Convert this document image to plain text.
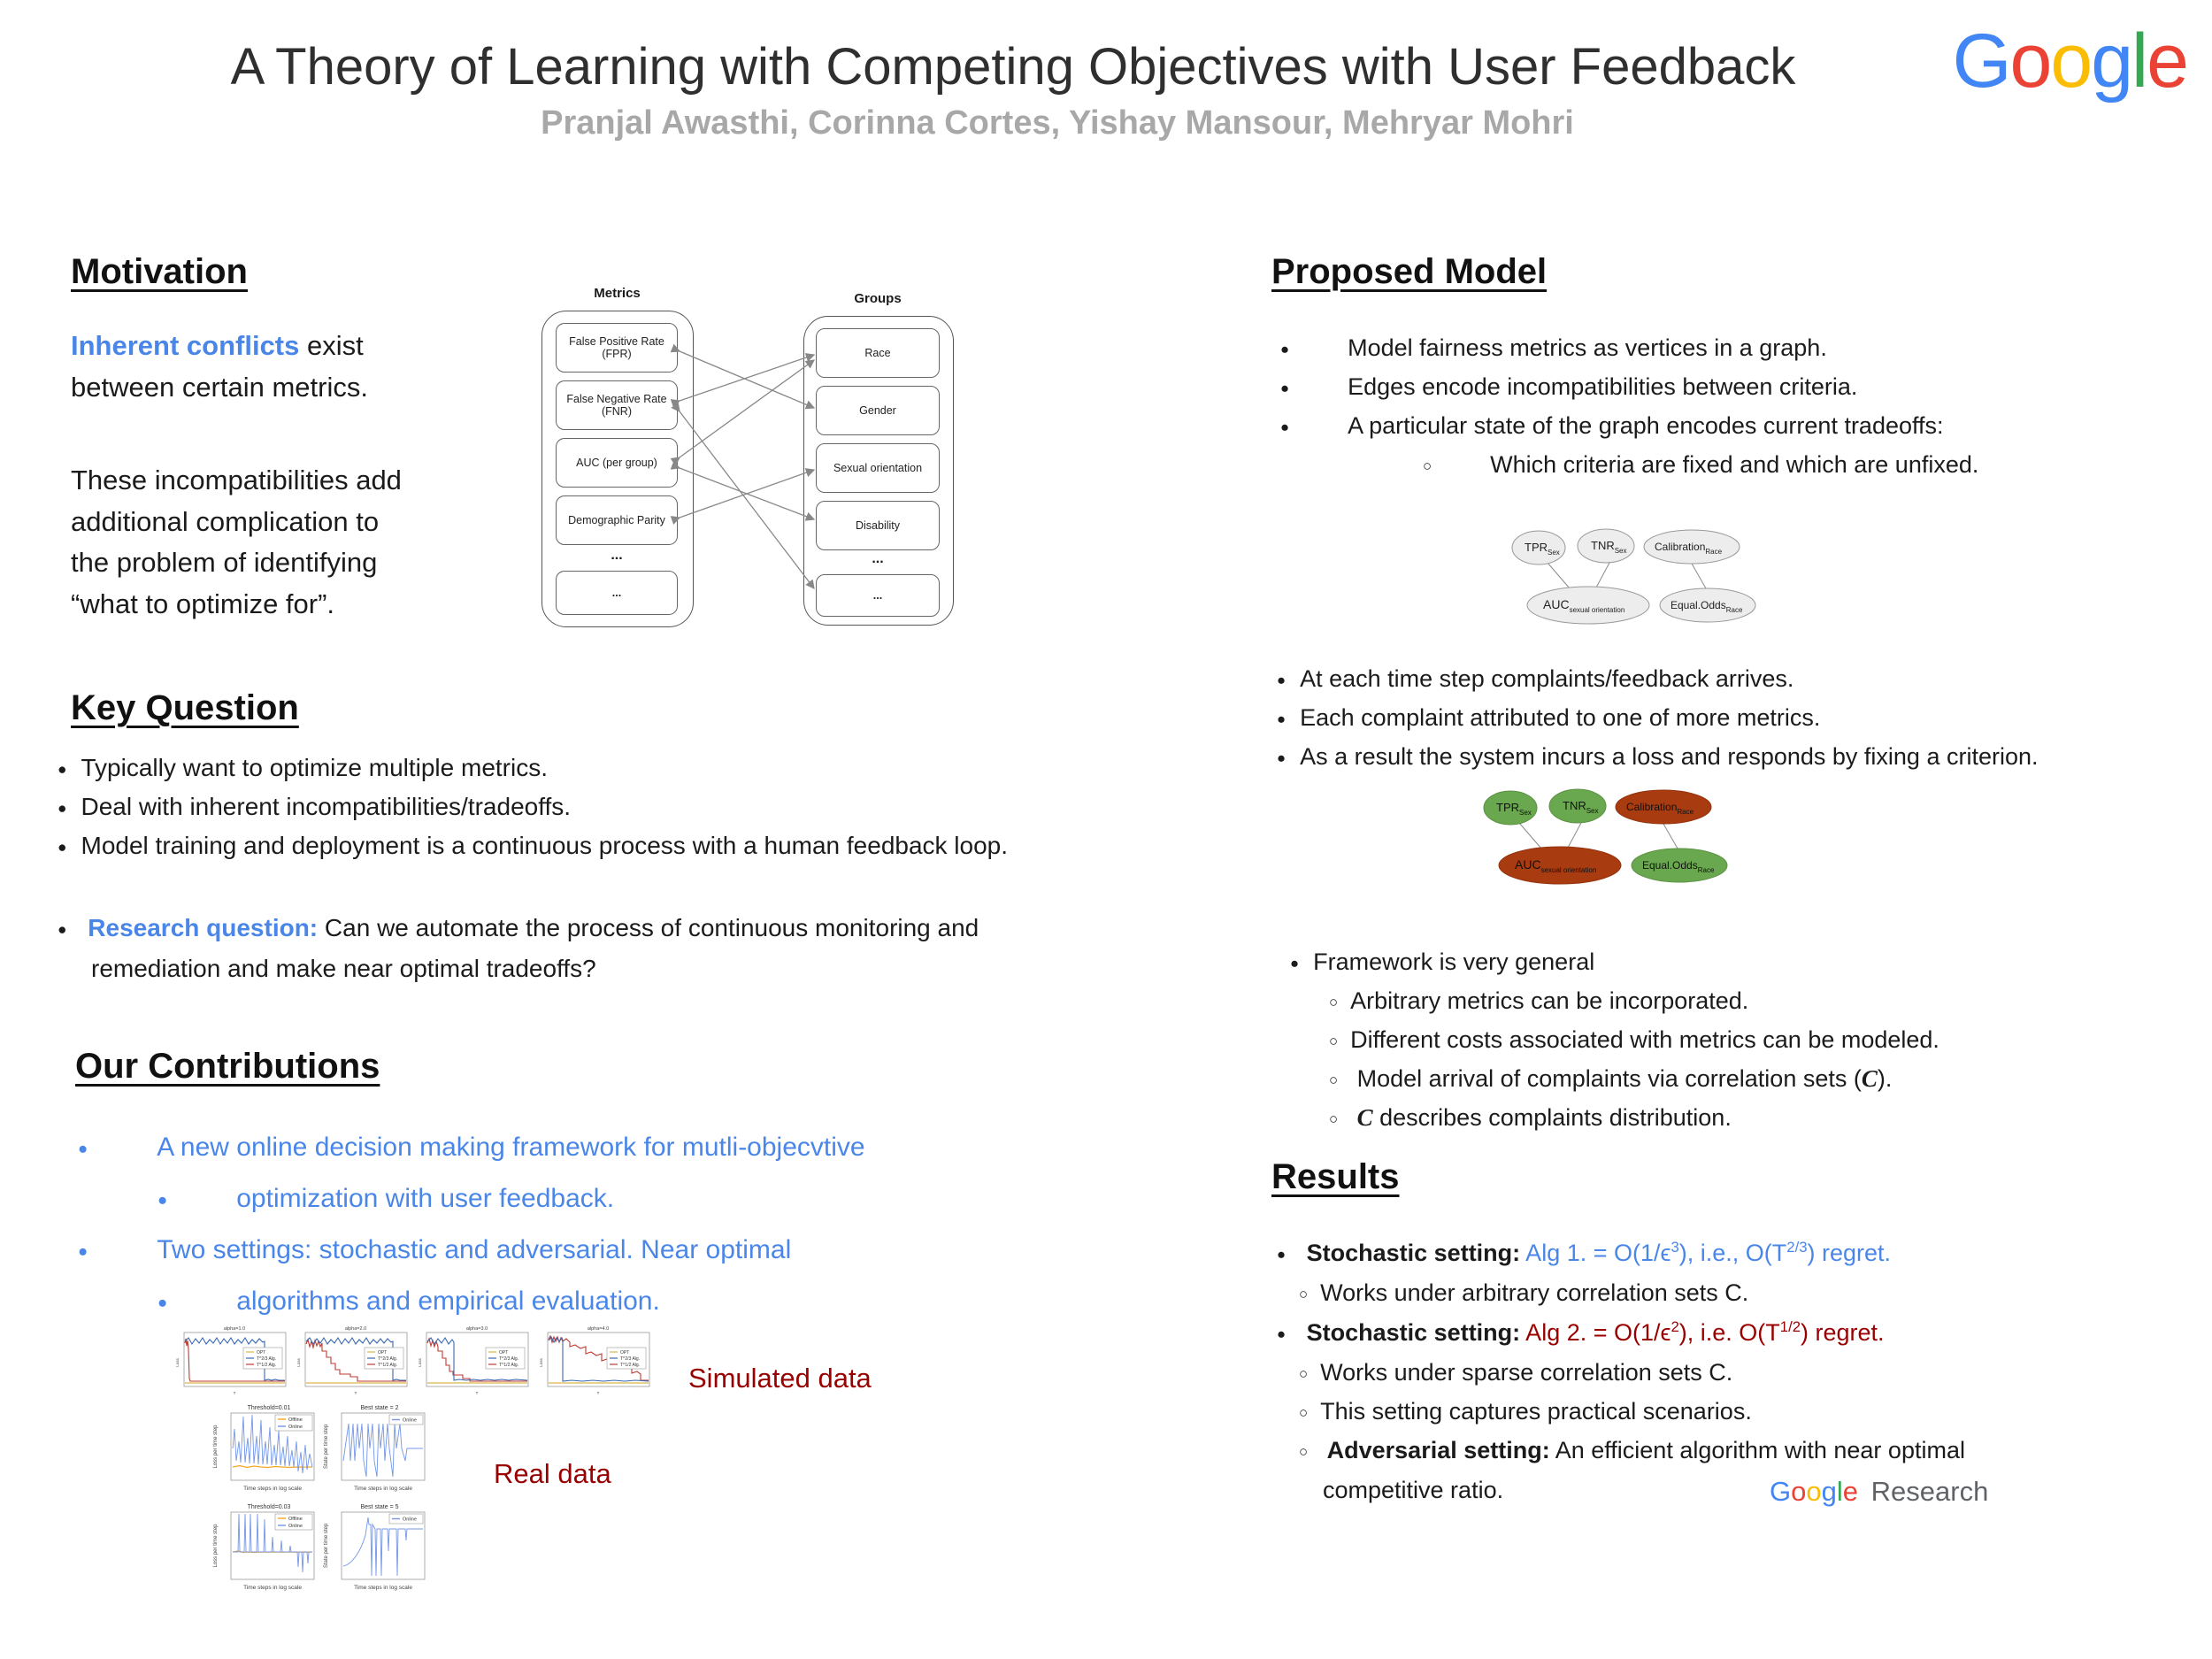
A Theory of Learning with Competing Objectives with User Feedback
Pranjal Awasthi, Corinna Cortes, Yishay Mansour, Mehryar Mohri
Google
Motivation
Inherent conflicts exist
between certain metrics.
These incompatibilities add
additional complication to
the problem of identifying
“what to optimize for”.
Metrics	Groups
False Positive Rate (FPR)
False Negative Rate (FNR)
AUC (per group)
Demographic Parity
...
...
Race
Gender
Sexual orientation
Disability
...
...
Key Question
● Typically want to optimize multiple metrics.
● Deal with inherent incompatibilities/tradeoffs.
● Model training and deployment is a continuous process with a human feedback loop.
● Research question: Can we automate the process of continuous monitoring and
remediation and make near optimal tradeoffs?
Our Contributions
● A new online decision making framework for mutli-objecvtive
● optimization with user feedback.
● Two settings: stochastic and adversarial. Near optimal
● algorithms and empirical evaluation.
alpha=1.0
Loss
T
OPT
T^2/3 Alg.
T^1/2 Alg.
alpha=2.0
Loss
T
OPT
T^2/3 Alg.
T^1/2 Alg.
alpha=3.0
Loss
T
OPT
T^2/3 Alg.
T^1/2 Alg.
alpha=4.0
Loss
T
OPT
T^2/3 Alg.
T^1/2 Alg. Simulated data
Threshold=0.01
Loss per time step
Time steps in log scale
Offline
Online
Best state = 2
State per time step
Time steps in log scale
Online
Threshold=0.03
Loss per time step
Time steps in log scale
Offline
Online
Best state = 5
State per time step
Time steps in log scale
Online
Real data
Proposed Model
● Model fairness metrics as vertices in a graph.
● Edges encode incompatibilities between criteria.
● A particular state of the graph encodes current tradeoffs:
○ Which criteria are fixed and which are unfixed.
$TPR_{Sex}$
$TNR_{Sex}$	Calibration$_{Race}$
$AUC_{sexual orientation}$	Equal.Odds$_{Race}$
● At each time step complaints/feedback arrives.
● Each complaint attributed to one of more metrics.
● As a result the system incurs a loss and responds by fixing a criterion.
$TPR_{Sex}$
$TNR_{Sex}$	Calibration$_{Race}$
$AUC_{sexual orientation}$	Equal.Odds$_{Race}$
● Framework is very general
○ Arbitrary metrics can be incorporated.
○ Different costs associated with metrics can be modeled.
○ Model arrival of complaints via correlation sets (C).
○ C describes complaints distribution.
Results
● Stochastic setting: Alg 1. = $O(1/\epsilon^3)$, i.e., $O(T^{2/3})$ regret.
○ Works under arbitrary correlation sets C.
● Stochastic setting: Alg 2. = $O(1/\epsilon^2)$, i.e. $O(T^{1/2})$ regret.
○ Works under sparse correlation sets C.
○ This setting captures practical scenarios.
○ Adversarial setting: An efficient algorithm with near optimal
competitive ratio.	Google Research
